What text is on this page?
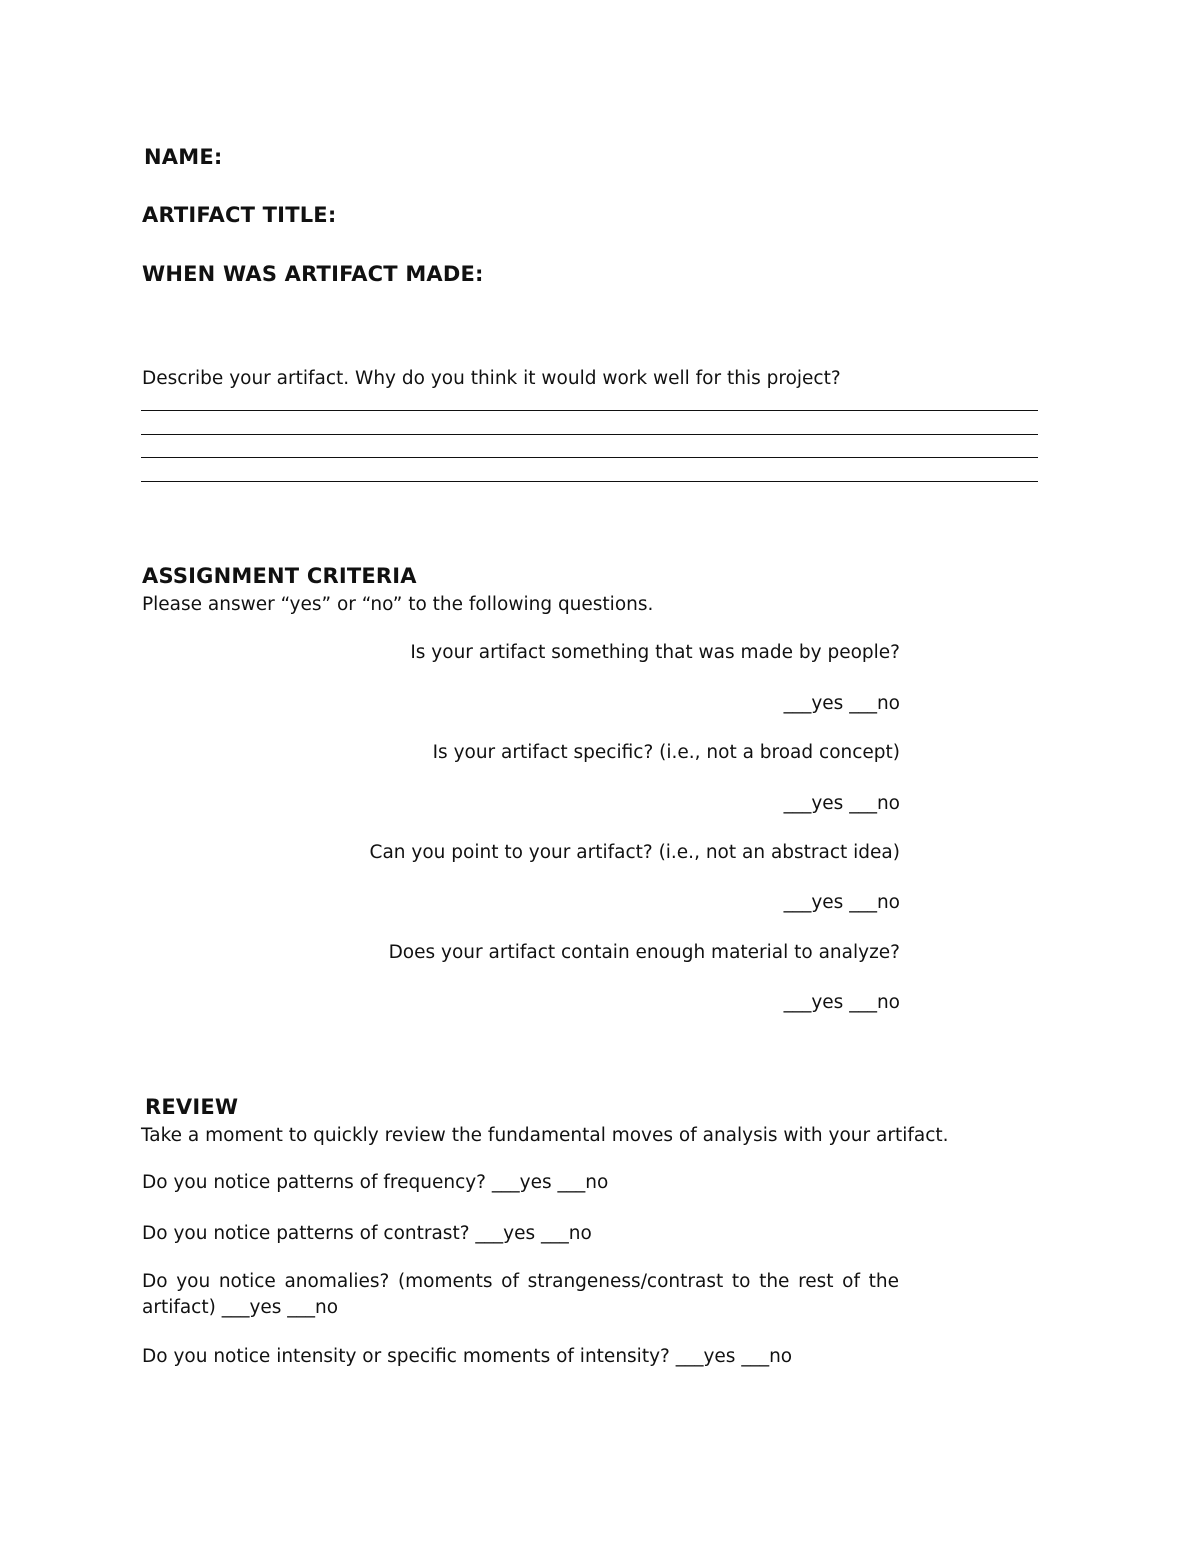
NAME:
ARTIFACT TITLE:
WHEN WAS ARTIFACT MADE:
Describe your artifact. Why do you think it would work well for this project?
ASSIGNMENT CRITERIA
Please answer “yes” or “no” to the following questions.
Is your artifact something that was made by people?
___yes ___no
Is your artifact specific? (i.e., not a broad concept)
___yes ___no
Can you point to your artifact? (i.e., not an abstract idea)
___yes ___no
Does your artifact contain enough material to analyze?
___yes ___no
REVIEW
Take a moment to quickly review the fundamental moves of analysis with your artifact.
Do you notice patterns of frequency? ___yes ___no
Do you notice patterns of contrast? ___yes ___no
Do you notice anomalies? (moments of strangeness/contrast to the rest of the artifact) ___yes ___no
Do you notice intensity or specific moments of intensity? ___yes ___no
